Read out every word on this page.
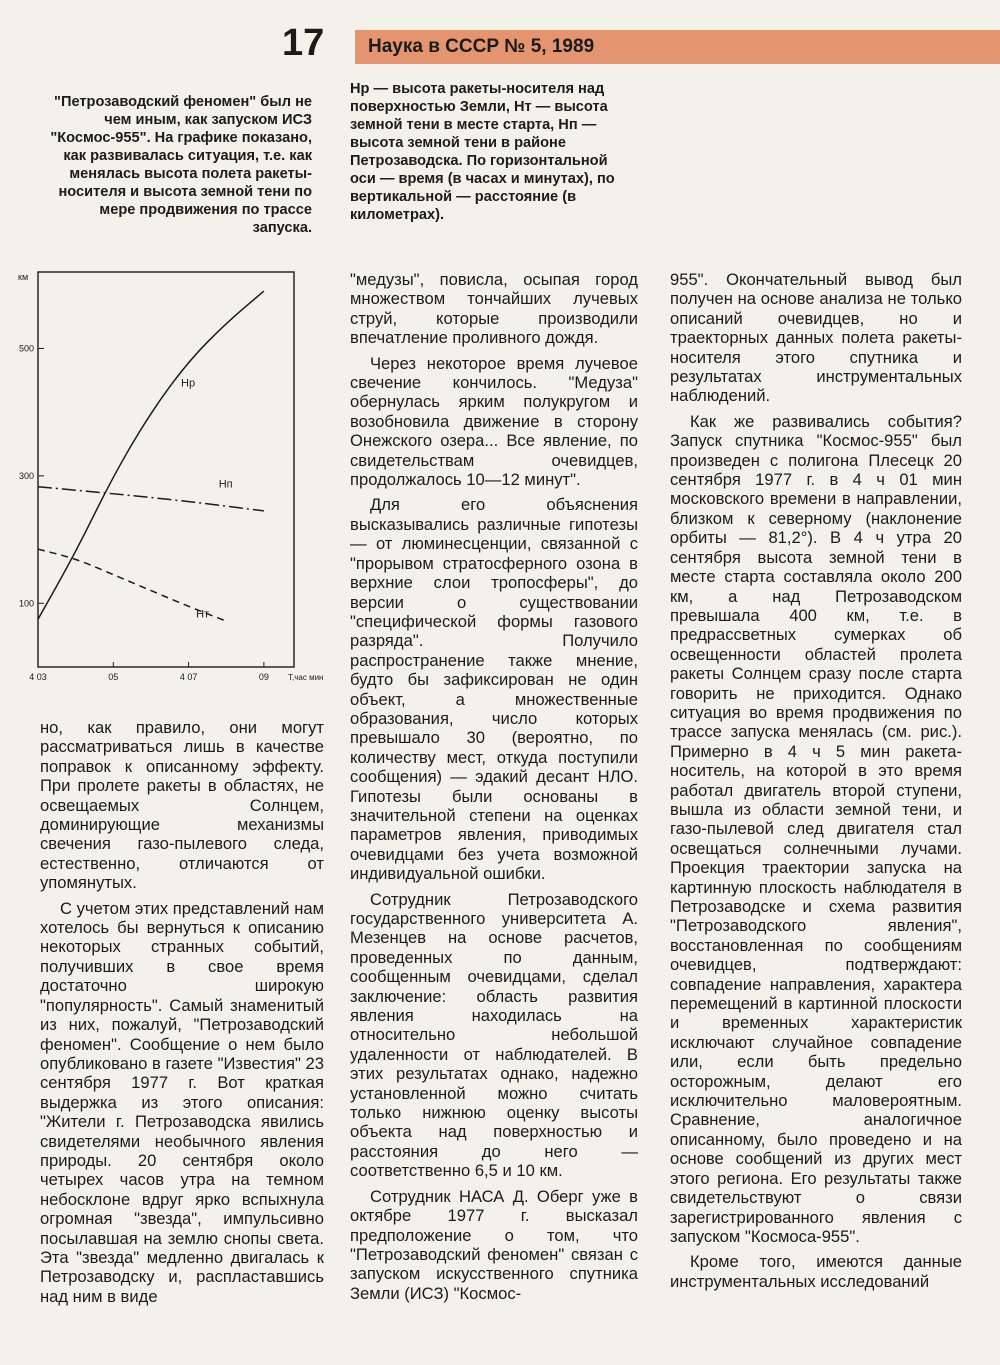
17	Наука в СССР № 5, 1989
"Петрозаводский феномен" был не чем иным, как запуском ИСЗ "Космос-955". На графике показано, как развивалась ситуация, т.е. как менялась высота полета ракеты-носителя и высота земной тени по мере продвижения по трассе запуска.
Hр — высота ракеты-носителя над поверхностью Земли, Hт — высота земной тени в месте старта, Hп — высота земной тени в районе Петрозаводска. По горизонтальной оси — время (в часах и минутах), по вертикальной — расстояние (в километрах).
100
300
500
4 03	05	4 07	09
км
Т,час мин
Hр
Hп
Hт

но, как правило, они могут рассматриваться лишь в качестве поправок к описанному эффекту. При пролете ракеты в областях, не освещаемых Солнцем, доминирующие механизмы свечения газо-пылевого следа, естественно, отличаются от упомянутых.

С учетом этих представлений нам хотелось бы вернуться к описанию некоторых странных событий, получивших в свое время достаточно широкую "популярность". Самый знаменитый из них, пожалуй, "Петрозаводский феномен". Сообщение о нем было опубликовано в газете "Известия" 23 сентября 1977 г. Вот краткая выдержка из этого описания: "Жители г. Петрозаводска явились свидетелями необычного явления природы. 20 сентября около четырех часов утра на темном небосклоне вдруг ярко вспыхнула огромная "звезда", импульсивно посылавшая на землю снопы света. Эта "звезда" медленно двигалась к Петрозаводску и, распластавшись над ним в виде

"медузы", повисла, осыпая город множеством тончайших лучевых струй, которые производили впечатление проливного дождя.

Через некоторое время лучевое свечение кончилось. "Медуза" обернулась ярким полукругом и возобновила движение в сторону Онежского озера... Все явление, по свидетельствам очевидцев, продолжалось 10—12 минут".

Для его объяснения высказывались различные гипотезы — от люминесценции, связанной с "прорывом стратосферного озона в верхние слои тропосферы", до версии о существовании "специфической формы газового разряда". Получило распространение также мнение, будто бы зафиксирован не один объект, а множественные образования, число которых превышало 30 (вероятно, по количеству мест, откуда поступили сообщения) — эдакий десант НЛО. Гипотезы были основаны в значительной степени на оценках параметров явления, приводимых очевидцами без учета возможной индивидуальной ошибки.

Сотрудник Петрозаводского государственного университета А. Мезенцев на основе расчетов, проведенных по данным, сообщенным очевидцами, сделал заключение: область развития явления находилась на относительно небольшой удаленности от наблюдателей. В этих результатах однако, надежно установленной можно считать только нижнюю оценку высоты объекта над поверхностью и расстояния до него — соответственно 6,5 и 10 км.

Сотрудник НАСА Д. Оберг уже в октябре 1977 г. высказал предположение о том, что "Петрозаводский феномен" связан с запуском искусственного спутника Земли (ИСЗ) "Космос-

955". Окончательный вывод был получен на основе анализа не только описаний очевидцев, но и траекторных данных полета ракеты-носителя этого спутника и результатах инструментальных наблюдений.

Как же развивались события? Запуск спутника "Космос-955" был произведен с полигона Плесецк 20 сентября 1977 г. в 4 ч 01 мин московского времени в направлении, близком к северному (наклонение орбиты — 81,2°). В 4 ч утра 20 сентября высота земной тени в месте старта составляла около 200 км, а над Петрозаводском превышала 400 км, т.е. в предрассветных сумерках об освещенности областей пролета ракеты Солнцем сразу после старта говорить не приходится. Однако ситуация во время продвижения по трассе запуска менялась (см. рис.). Примерно в 4 ч 5 мин ракета-носитель, на которой в это время работал двигатель второй ступени, вышла из области земной тени, и газо-пылевой след двигателя стал освещаться солнечными лучами. Проекция траектории запуска на картинную плоскость наблюдателя в Петрозаводске и схема развития "Петрозаводского явления", восстановленная по сообщениям очевидцев, подтверждают: совпадение направления, характера перемещений в картинной плоскости и временных характеристик исключают случайное совпадение или, если быть предельно осторожным, делают его исключительно маловероятным. Сравнение, аналогичное описанному, было проведено и на основе сообщений из других мест этого региона. Его результаты также свидетельствуют о связи зарегистрированного явления с запуском "Космоса-955".

Кроме того, имеются данные инструментальных исследований
